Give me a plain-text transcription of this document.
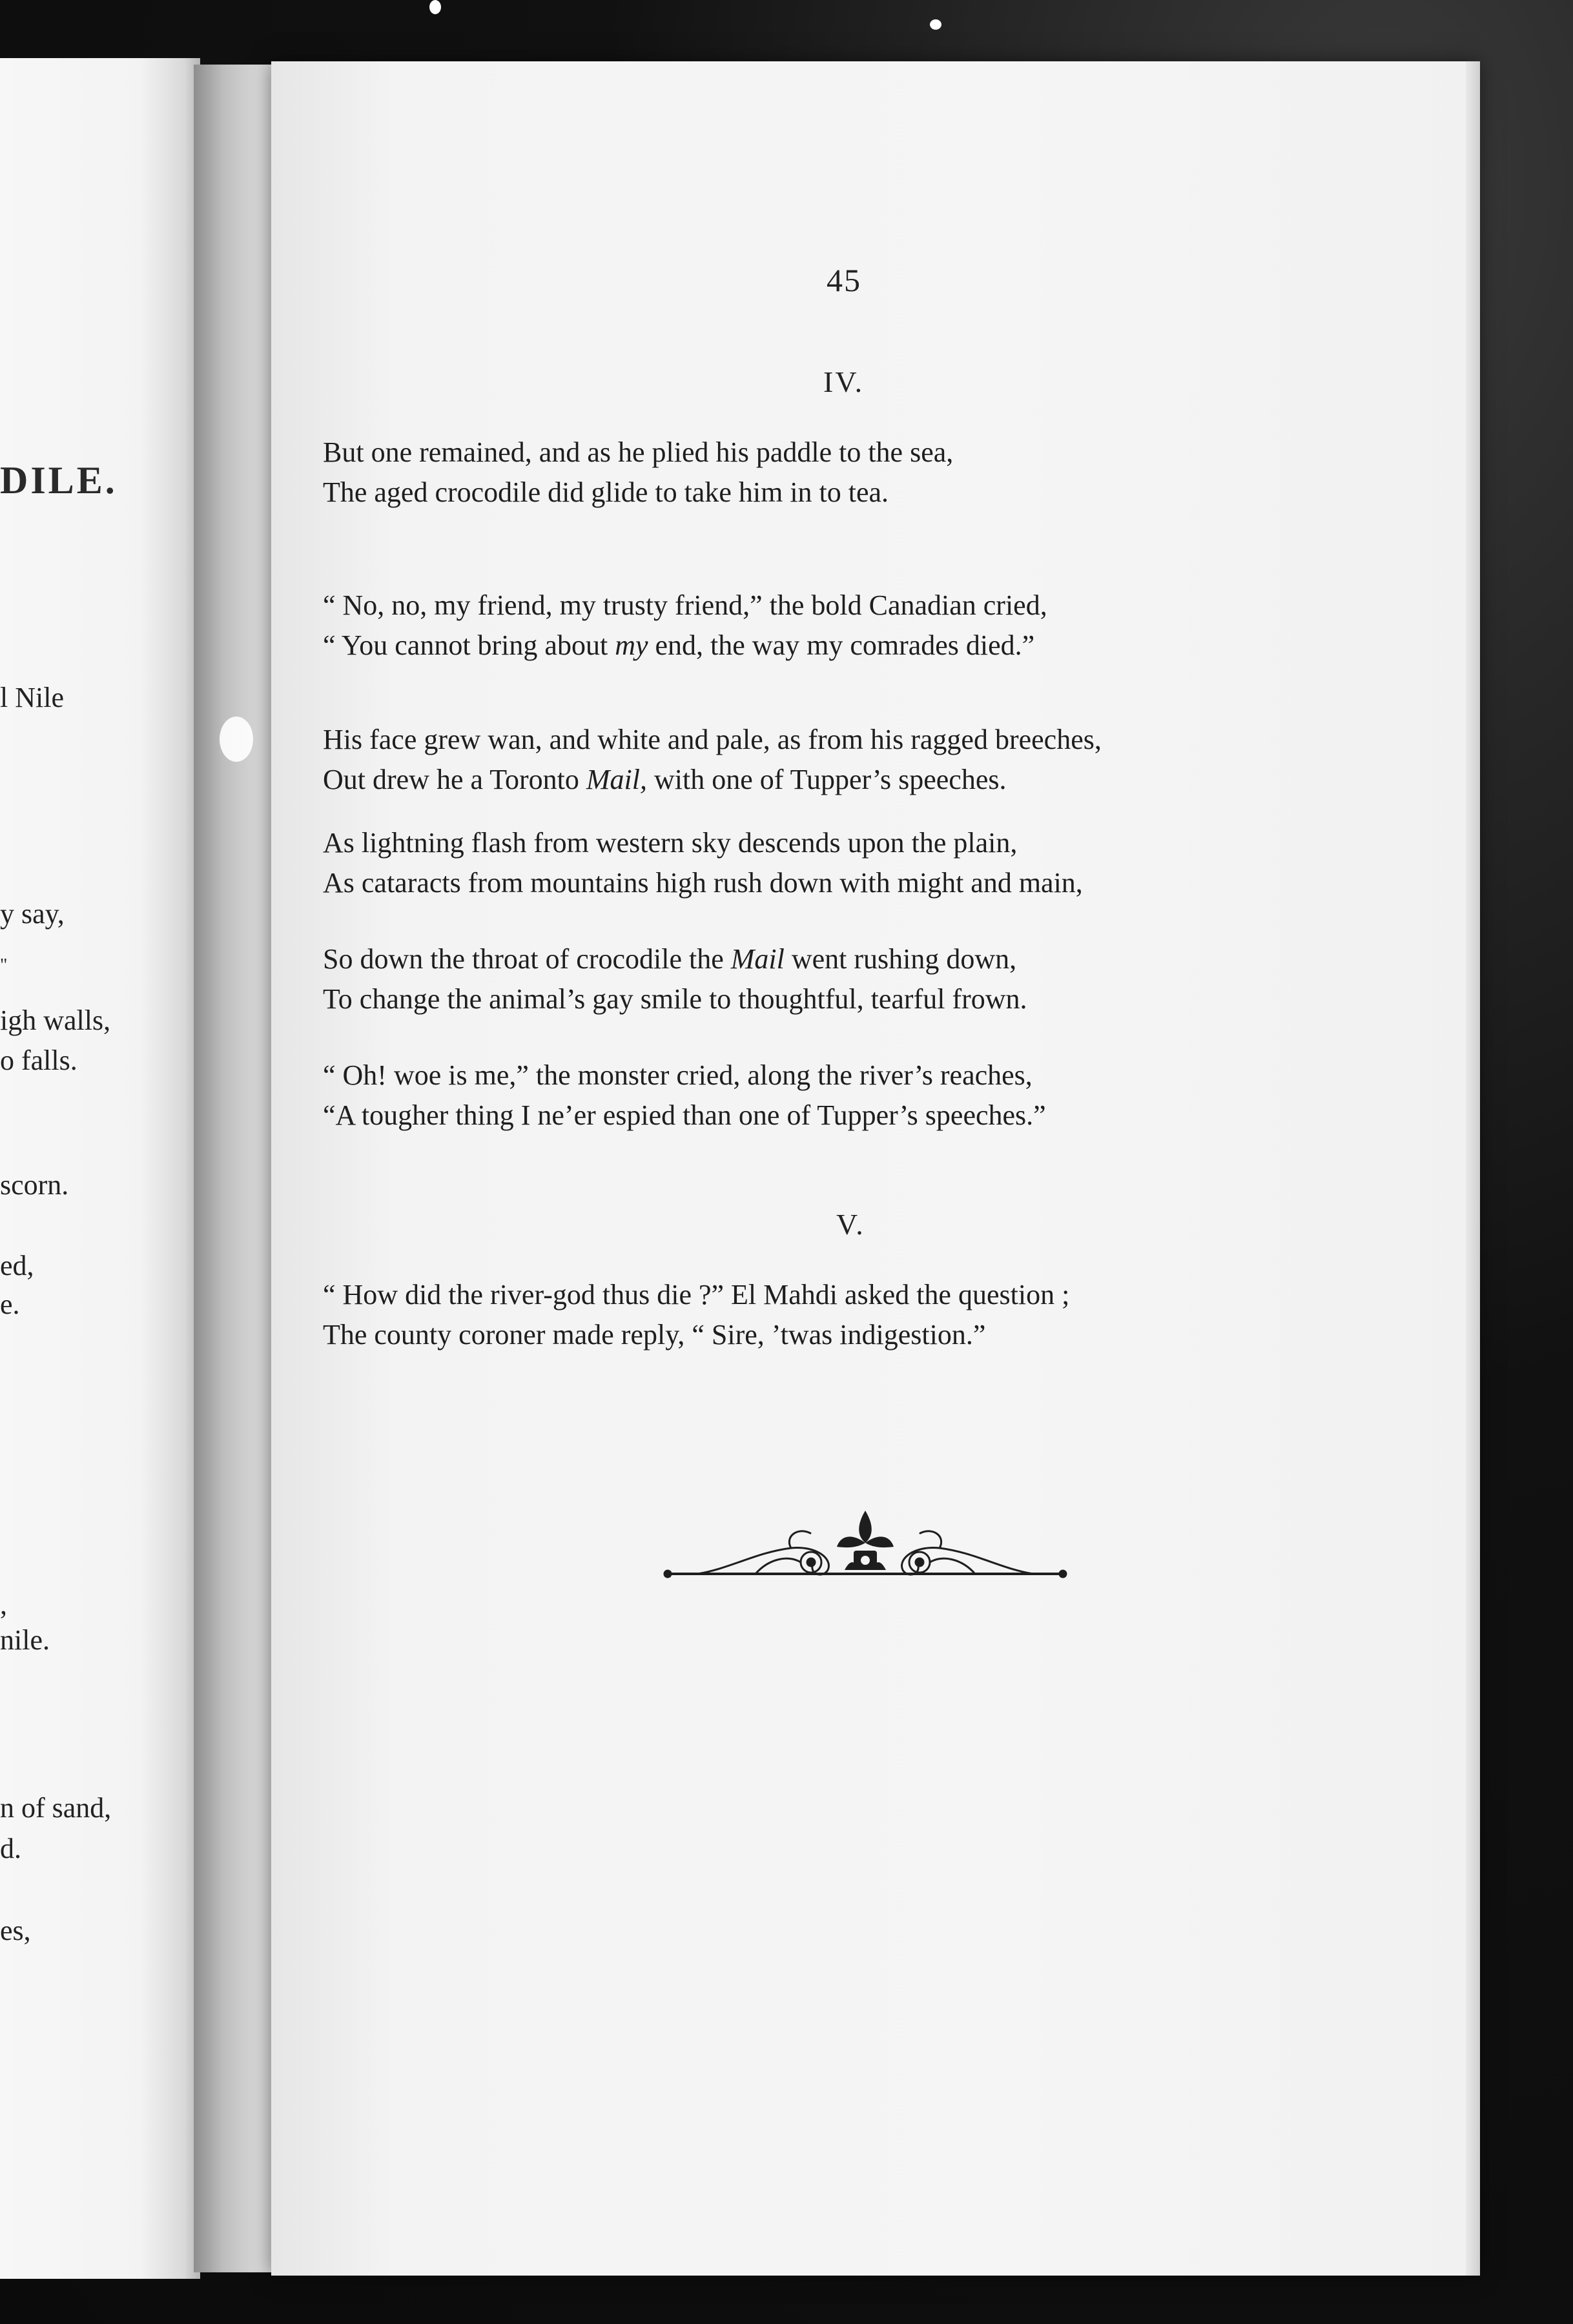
DILE.
l Nile
y say,
"
igh walls,
o falls.
scorn.
ed,
e.
,
nile.
n of sand,
d.
es,
45
IV.
But one remained, and as he plied his paddle to the sea,
The aged crocodile did glide to take him in to tea.
“ No, no, my friend, my trusty friend,” the bold Canadian cried,
“ You cannot bring about my end, the way my comrades died.”
His face grew wan, and white and pale, as from his ragged breeches,
Out drew he a Toronto Mail, with one of Tupper’s speeches.
As lightning flash from western sky descends upon the plain,
As cataracts from mountains high rush down with might and main,
So down the throat of crocodile the Mail went rushing down,
To change the animal’s gay smile to thoughtful, tearful frown.
“ Oh! woe is me,” the monster cried, along the river’s reaches,
“A tougher thing I ne’er espied than one of Tupper’s speeches.”
V.
“ How did the river-god thus die ?” El Mahdi asked the question ;
The county coroner made reply, “ Sire, ’twas indigestion.”
